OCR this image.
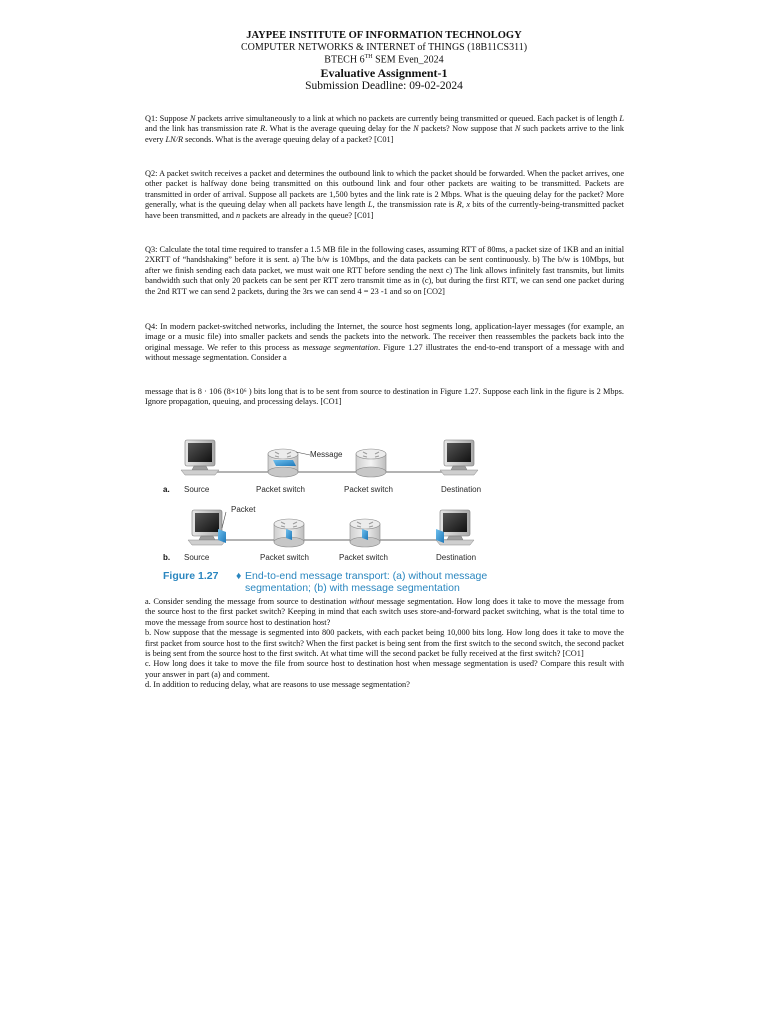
JAYPEE INSTITUTE OF INFORMATION TECHNOLOGY
COMPUTER NETWORKS & INTERNET of THINGS (18B11CS311)
BTECH $6_{TH}$ SEM Even_2024
Evaluative Assignment-1
Submission Deadline: 09-02-2024

Q1: Suppose N packets arrive simultaneously to a link at which no packets are currently being transmitted or queued. Each packet is of length L and the link has transmission rate R. What is the average queuing delay for the N packets? Now suppose that N such packets arrive to the link every LN/R seconds. What is the average queuing delay of a packet? [C01]

Q2: A packet switch receives a packet and determines the outbound link to which the packet should be forwarded. When the packet arrives, one other packet is halfway done being transmitted on this outbound link and four other packets are waiting to be transmitted. Packets are transmitted in order of arrival. Suppose all packets are 1,500 bytes and the link rate is 2 Mbps. What is the queuing delay for the packet? More generally, what is the queuing delay when all packets have length L, the transmission rate is R, x bits of the currently-being-transmitted packet have been transmitted, and n packets are already in the queue? [C01]

Q3: Calculate the total time required to transfer a 1.5 MB file in the following cases, assuming RTT of 80ms, a packet size of 1KB and an initial 2XRTT of “handshaking” before it is sent. a) The b/w is 10Mbps, and the data packets can be sent continuously. b) The b/w is 10Mbps, but after we finish sending each data packet, we must wait one RTT before sending the next c) The link allows infinitely fast transmits, but limits bandwidth such that only 20 packets can be sent per RTT zero transmit time as in (c), but during the first RTT, we can send one packet during the 2nd RTT we can send 2 packets, during the 3rs we can send 4 = 23 -1 and so on [CO2]

Q4: In modern packet-switched networks, including the Internet, the source host segments long, application-layer messages (for example, an image or a music file) into smaller packets and sends the packets into the network. The receiver then reassembles the packets back into the original message. We refer to this process as message segmentation. Figure 1.27 illustrates the end-to-end transport of a message with and without message segmentation. Consider a

message that is 8 · 106 (8×10⁶ ) bits long that is to be sent from source to destination in Figure 1.27. Suppose each link in the figure is 2 Mbps. Ignore propagation, queuing, and processing delays. [CO1]

Message
a. Source	Packet switch	Packet switch	Destination
Packet
b. Source	Packet switch	Packet switch	Destination
Figure 1.27 ♦ End-to-end message transport: (a) without message
segmentation; (b) with message segmentation

a. Consider sending the message from source to destination without message segmentation. How long does it take to move the message from the source host to the first packet switch? Keeping in mind that each switch uses store-and-forward packet switching, what is the total time to move the message from source host to destination host?
b. Now suppose that the message is segmented into 800 packets, with each packet being 10,000 bits long. How long does it take to move the first packet from source host to the first switch? When the first packet is being sent from the first switch to the second switch, the second packet is being sent from the source host to the first switch. At what time will the second packet be fully received at the first switch? [CO1]
c. How long does it take to move the file from source host to destination host when message segmentation is used? Compare this result with your answer in part (a) and comment.
d. In addition to reducing delay, what are reasons to use message segmentation?
